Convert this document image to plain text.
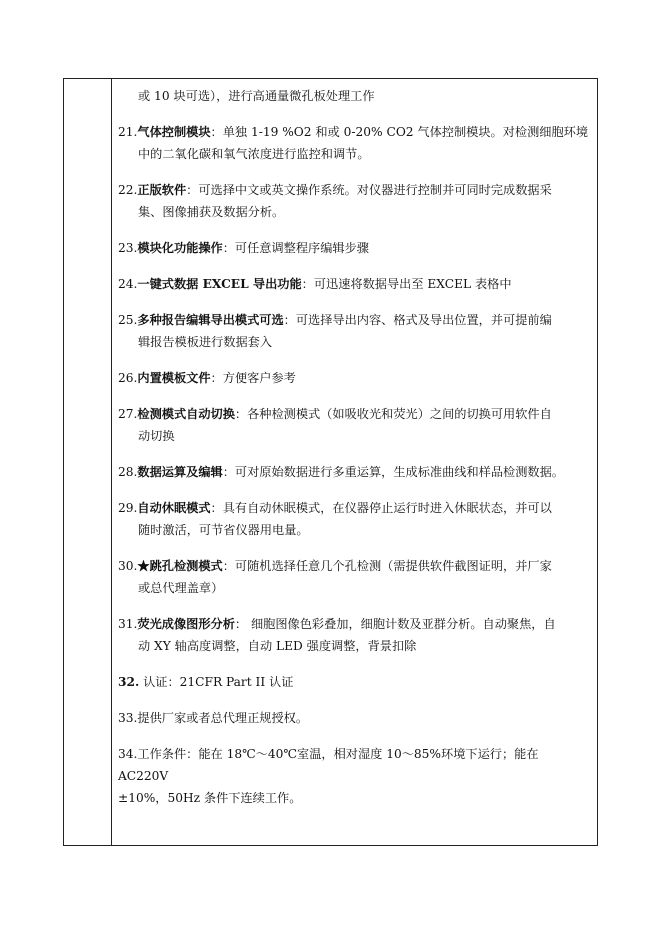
或 10 块可选），进行高通量微孔板处理工作
21.气体控制模块：单独 1-19 %O2 和或 0-20% CO2 气体控制模块。对检测细胞环境
中的二氧化碳和氧气浓度进行监控和调节。
22.正版软件：可选择中文或英文操作系统。对仪器进行控制并可同时完成数据采
集、图像捕获及数据分析。
23.模块化功能操作：可任意调整程序编辑步骤
24.一键式数据 EXCEL 导出功能：可迅速将数据导出至 EXCEL 表格中
25.多种报告编辑导出模式可选：可选择导出内容、格式及导出位置，并可提前编
辑报告模板进行数据套入
26.内置模板文件：方便客户参考
27.检测模式自动切换：各种检测模式（如吸收光和荧光）之间的切换可用软件自
动切换
28.数据运算及编辑：可对原始数据进行多重运算，生成标准曲线和样品检测数据。
29.自动休眠模式：具有自动休眠模式，在仪器停止运行时进入休眠状态，并可以
随时激活，可节省仪器用电量。
30.★跳孔检测模式：可随机选择任意几个孔检测（需提供软件截图证明，并厂家
或总代理盖章）
31.荧光成像图形分析： 细胞图像色彩叠加，细胞计数及亚群分析。自动聚焦，自
动 XY 轴高度调整，自动 LED 强度调整，背景扣除
32. 认证：21CFR Part II 认证
33.提供厂家或者总代理正规授权。
34.工作条件：能在 18℃～40℃室温，相对湿度 10～85%环境下运行；能在 AC220V
±10%，50Hz 条件下连续工作。
